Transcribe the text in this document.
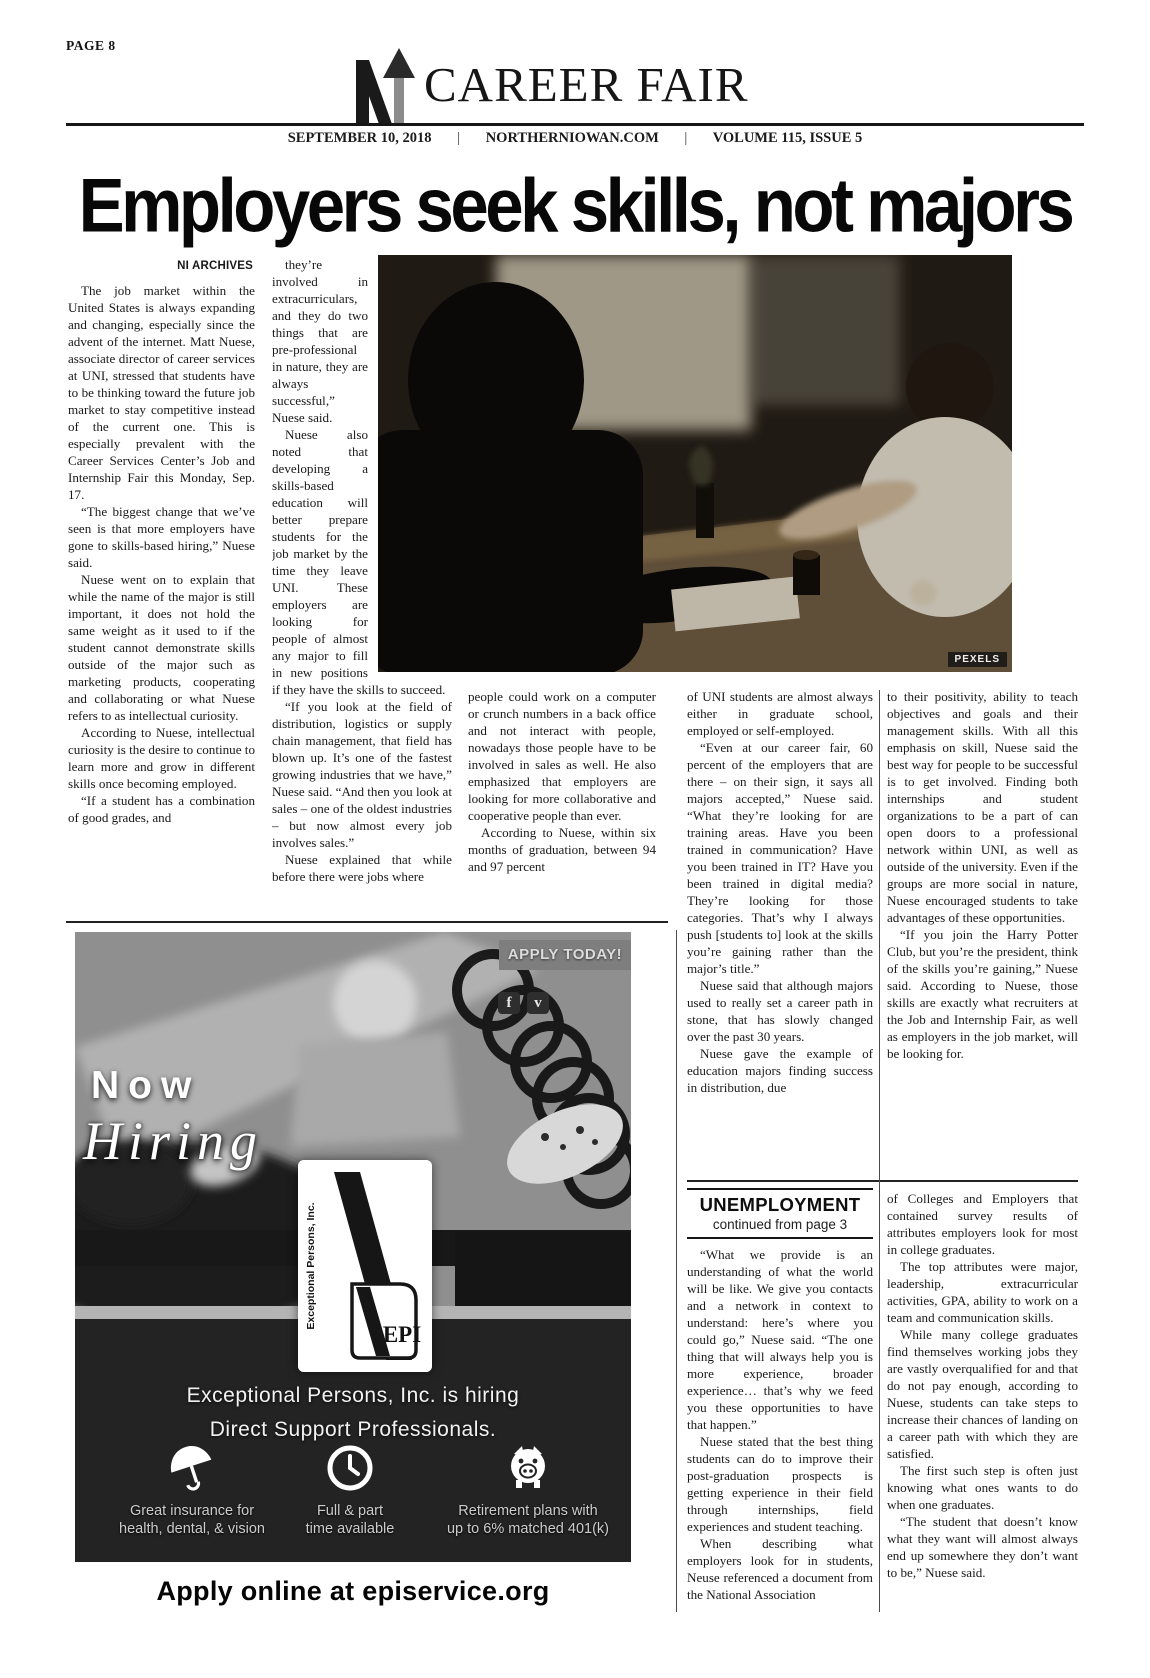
PAGE 8
CAREER FAIR
SEPTEMBER 10, 2018 | NORTHERNIOWAN.COM | VOLUME 115, ISSUE 5
Employers seek skills, not majors
PEXELS
NI ARCHIVES

The job market within the United States is always expanding and changing, especially since the advent of the internet. Matt Nuese, associate director of career services at UNI, stressed that students have to be thinking toward the future job market to stay competitive instead of the current one. This is especially prevalent with the Career Services Center’s Job and Internship Fair this Monday, Sep. 17.

“The biggest change that we’ve seen is that more employers have gone to skills-based hiring,” Nuese said.

Nuese went on to explain that while the name of the major is still important, it does not hold the same weight as it used to if the student cannot demonstrate skills outside of the major such as marketing products, cooperating and collaborating or what Nuese refers to as intellectual curiosity.

According to Nuese, intellectual curiosity is the desire to continue to learn more and grow in different skills once becoming employed.

“If a student has a combination of good grades, and

they’re involved in extracurriculars, and they do two things that are pre-professional in nature, they are always successful,” Nuese said.

Nuese also noted that developing a skills-based education will better prepare students for the job market by the time they leave UNI. These employers are looking for people of almost any major to fill in new positions if they have the skills to succeed.

“If you look at the field of distribution, logistics or supply chain management, that field has blown up. It’s one of the fastest growing industries that we have,” Nuese said. “And then you look at sales – one of the oldest industries – but now almost every job involves sales.”

Nuese explained that while before there were jobs where

people could work on a computer or crunch numbers in a back office and not interact with people, nowadays those people have to be involved in sales as well. He also emphasized that employers are looking for more collaborative and cooperative people than ever.

According to Nuese, within six months of graduation, between 94 and 97 percent

of UNI students are almost always either in graduate school, employed or self-employed.

“Even at our career fair, 60 percent of the employers that are there – on their sign, it says all majors accepted,” Nuese said. “What they’re looking for are training areas. Have you been trained in communication? Have you been trained in IT? Have you been trained in digital media? They’re looking for those categories. That’s why I always push [students to] look at the skills you’re gaining rather than the major’s title.”

Nuese said that although majors used to really set a career path in stone, that has slowly changed over the past 30 years.

Nuese gave the example of education majors finding success in distribution, due

to their positivity, ability to teach objectives and goals and their management skills. With all this emphasis on skill, Nuese said the best way for people to be successful is to get involved. Finding both internships and student organizations to be a part of can open doors to a professional network within UNI, as well as outside of the university. Even if the groups are more social in nature, Nuese encouraged students to take advantages of these opportunities.

“If you join the Harry Potter Club, but you’re the president, think of the skills you’re gaining,” Nuese said. According to Nuese, those skills are exactly what recruiters at the Job and Internship Fair, as well as employers in the job market, will be looking for.

APPLY TODAY!
f	v
Now
Hiring
Exceptional Persons, Inc.
EPI
Exceptional Persons, Inc. is hiring
Direct Support Professionals.
Great insurance for
health, dental, & vision
Full & part
time available
Retirement plans with
up to 6% matched 401(k)
Apply online at episervice.org
UNEMPLOYMENT
continued from page 3

“What we provide is an understanding of what the world will be like. We give you contacts and a network in context to understand: here’s where you could go,” Nuese said. “The one thing that will always help you is more experience, broader experience… that’s why we feed you these opportunities to have that happen.”

Nuese stated that the best thing students can do to improve their post-graduation prospects is getting experience in their field through internships, field experiences and student teaching.

When describing what employers look for in students, Neuse referenced a document from the National Association

of Colleges and Employers that contained survey results of attributes employers look for most in college graduates.

The top attributes were major, leadership, extracurricular activities, GPA, ability to work on a team and communication skills.

While many college graduates find themselves working jobs they are vastly overqualified for and that do not pay enough, according to Nuese, students can take steps to increase their chances of landing on a career path with which they are satisfied.

The first such step is often just knowing what ones wants to do when one graduates.

“The student that doesn’t know what they want will almost always end up somewhere they don’t want to be,” Nuese said.
